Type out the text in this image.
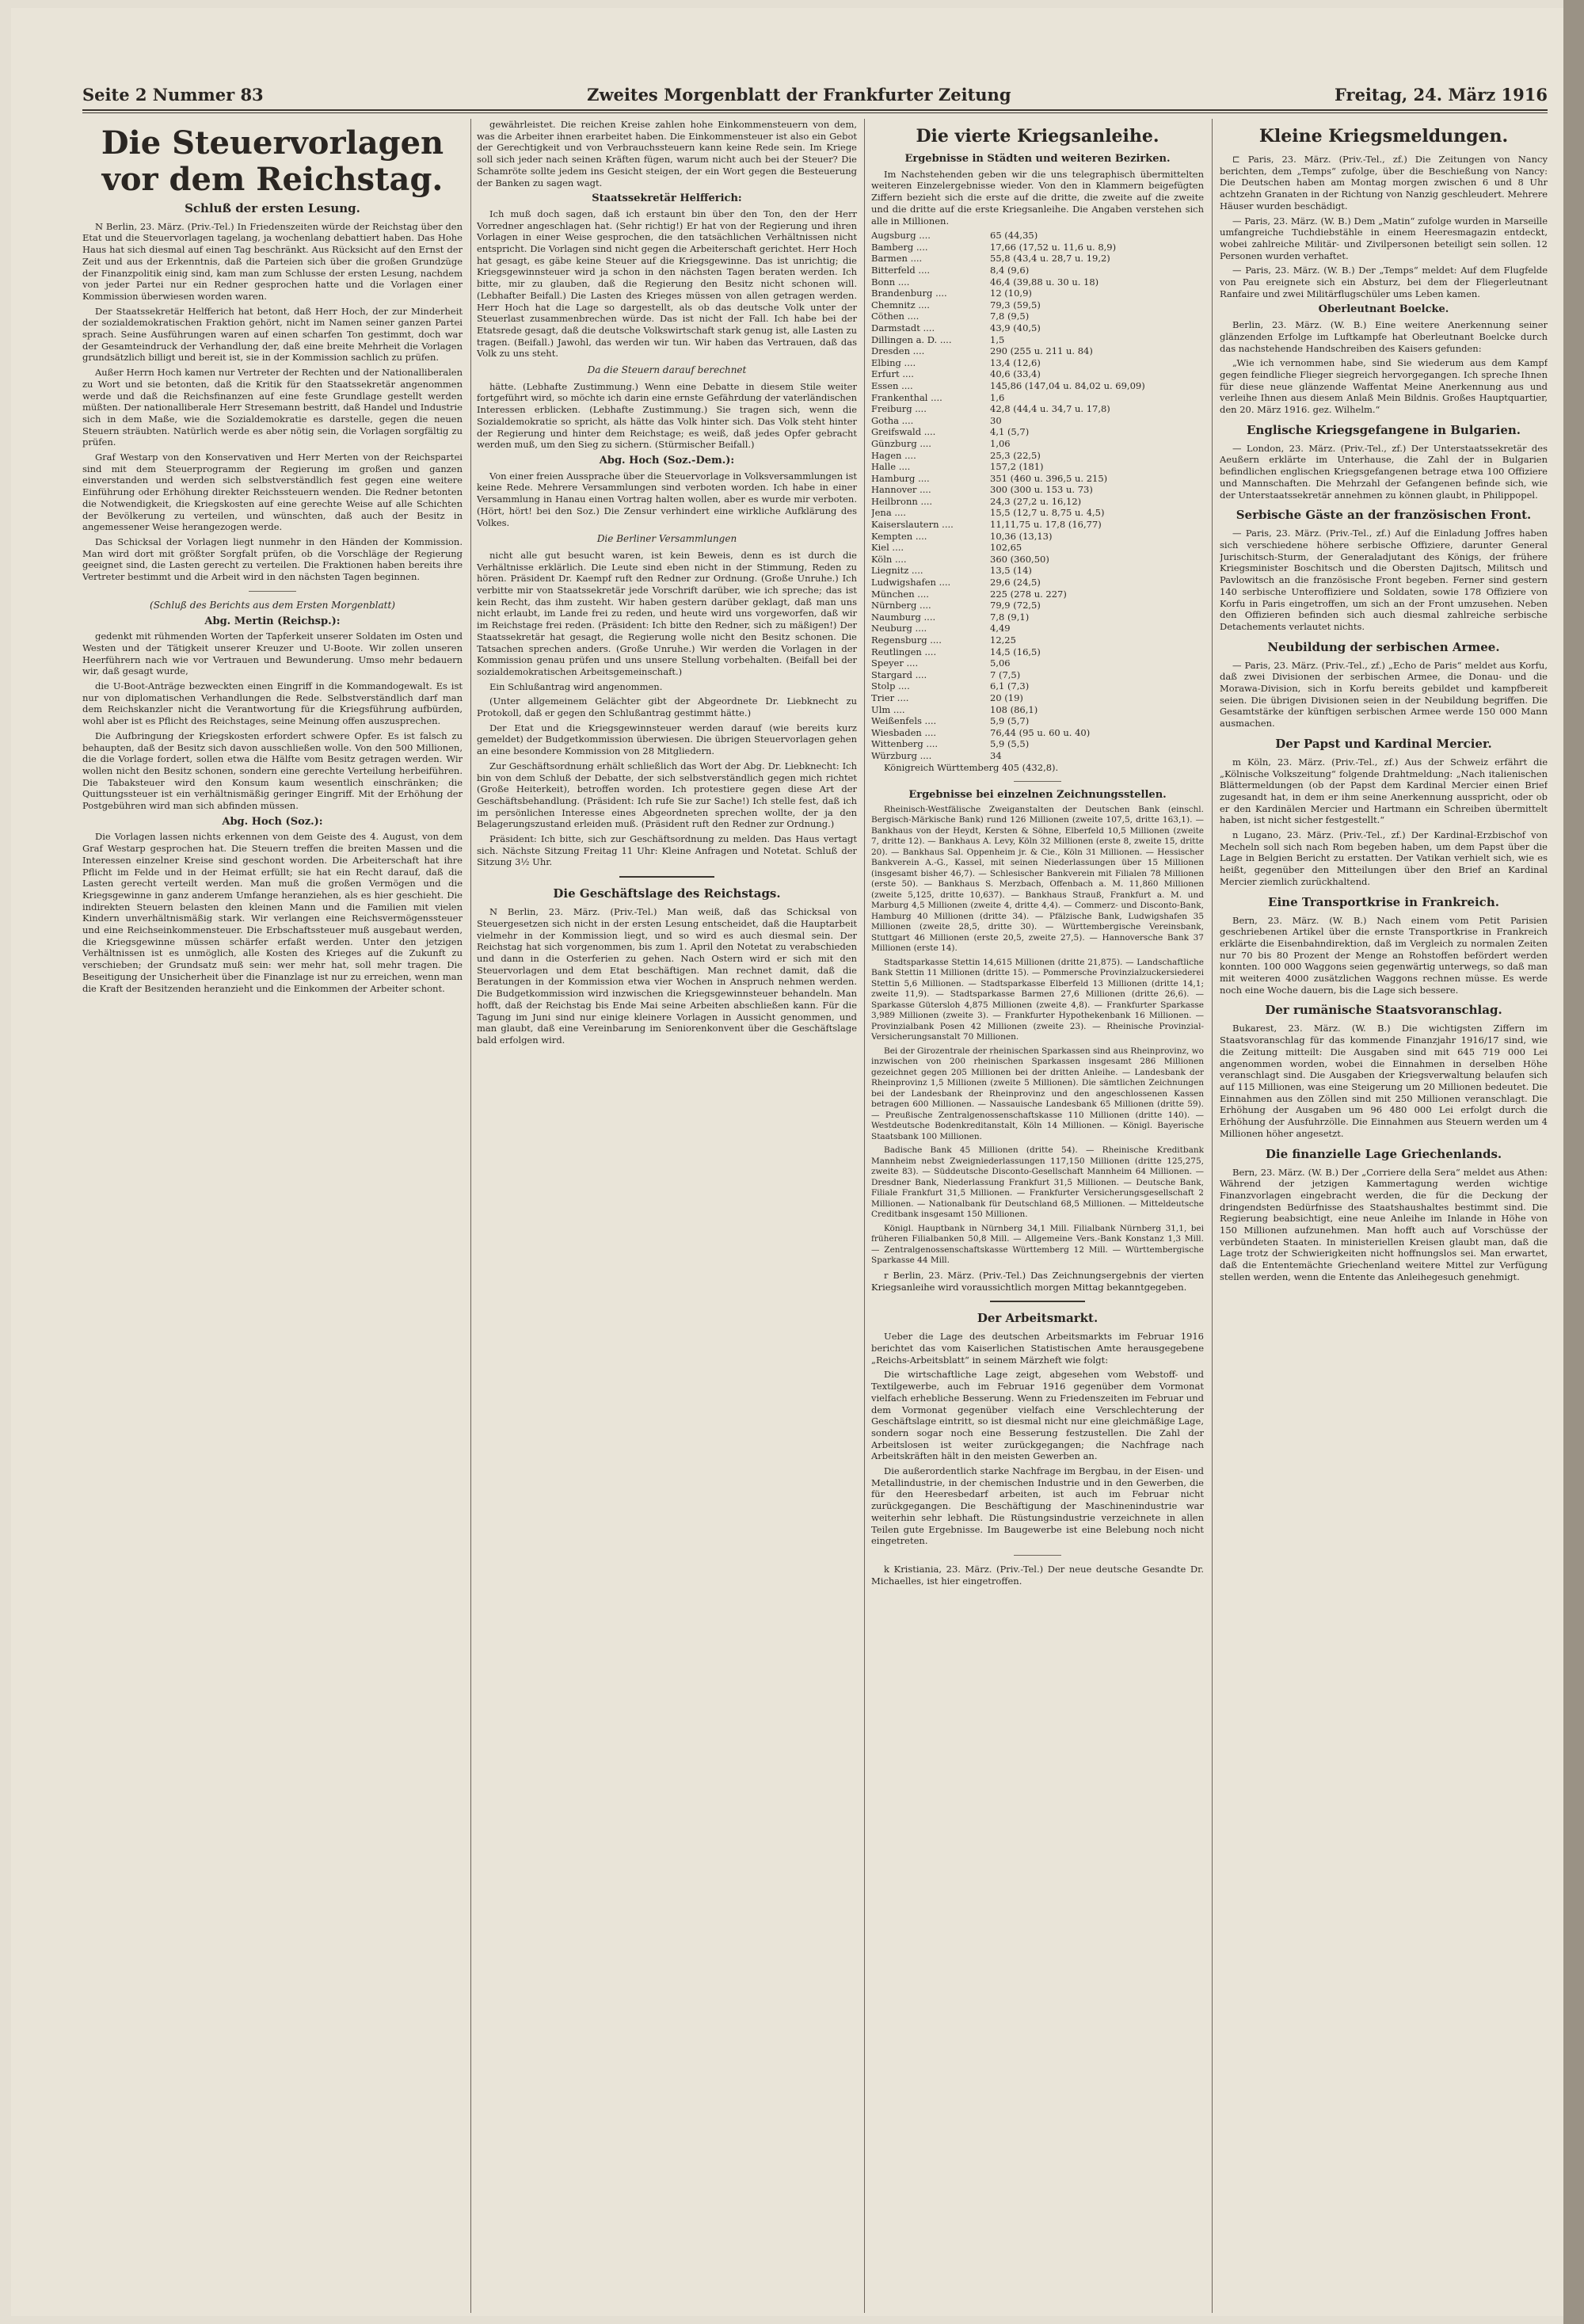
Seite 2 Nummer 83	Zweites Morgenblatt der Frankfurter Zeitung	Freitag, 24. März 1916
Die Steuervorlagen vor dem Reichstag.
Schluß der ersten Lesung.

N Berlin, 23. März. (Priv.-Tel.) In Friedenszeiten würde der Reichstag über den Etat und die Steuervorlagen tagelang, ja wochenlang debattiert haben. Das Hohe Haus hat sich diesmal auf einen Tag beschränkt. Aus Rücksicht auf den Ernst der Zeit und aus der Erkenntnis, daß die Parteien sich über die großen Grundzüge der Finanzpolitik einig sind, kam man zum Schlusse der ersten Lesung, nachdem von jeder Partei nur ein Redner gesprochen hatte und die Vorlagen einer Kommission überwiesen worden waren.

Der Staatssekretär Helfferich hat betont, daß Herr Hoch, der zur Minderheit der sozialdemokratischen Fraktion gehört, nicht im Namen seiner ganzen Partei sprach. Seine Ausführungen waren auf einen scharfen Ton gestimmt, doch war der Gesamteindruck der Verhandlung der, daß eine breite Mehrheit die Vorlagen grundsätzlich billigt und bereit ist, sie in der Kommission sachlich zu prüfen.

Außer Herrn Hoch kamen nur Vertreter der Rechten und der Nationalliberalen zu Wort und sie betonten, daß die Kritik für den Staatssekretär angenommen werde und daß die Reichsfinanzen auf eine feste Grundlage gestellt werden müßten. Der nationalliberale Herr Stresemann bestritt, daß Handel und Industrie sich in dem Maße, wie die Sozialdemokratie es darstelle, gegen die neuen Steuern sträubten. Natürlich werde es aber nötig sein, die Vorlagen sorgfältig zu prüfen.

Graf Westarp von den Konservativen und Herr Merten von der Reichspartei sind mit dem Steuerprogramm der Regierung im großen und ganzen einverstanden und werden sich selbstverständlich fest gegen eine weitere Einführung oder Erhöhung direkter Reichssteuern wenden. Die Redner betonten die Notwendigkeit, die Kriegskosten auf eine gerechte Weise auf alle Schichten der Bevölkerung zu verteilen, und wünschten, daß auch der Besitz in angemessener Weise herangezogen werde.

Das Schicksal der Vorlagen liegt nunmehr in den Händen der Kommission. Man wird dort mit größter Sorgfalt prüfen, ob die Vorschläge der Regierung geeignet sind, die Lasten gerecht zu verteilen. Die Fraktionen haben bereits ihre Vertreter bestimmt und die Arbeit wird in den nächsten Tagen beginnen.

(Schluß des Berichts aus dem Ersten Morgenblatt)
Abg. Mertin (Reichsp.):

gedenkt mit rühmenden Worten der Tapferkeit unserer Soldaten im Osten und Westen und der Tätigkeit unserer Kreuzer und U-Boote. Wir zollen unseren Heerführern nach wie vor Vertrauen und Bewunderung. Umso mehr bedauern wir, daß gesagt wurde,

die U-Boot-Anträge bezweckten einen Eingriff in die Kommandogewalt. Es ist nur von diplomatischen Verhandlungen die Rede. Selbstverständlich darf man dem Reichskanzler nicht die Verantwortung für die Kriegsführung aufbürden, wohl aber ist es Pflicht des Reichstages, seine Meinung offen auszusprechen.

Die Aufbringung der Kriegskosten erfordert schwere Opfer. Es ist falsch zu behaupten, daß der Besitz sich davon ausschließen wolle. Von den 500 Millionen, die die Vorlage fordert, sollen etwa die Hälfte vom Besitz getragen werden. Wir wollen nicht den Besitz schonen, sondern eine gerechte Verteilung herbeiführen. Die Tabaksteuer wird den Konsum kaum wesentlich einschränken; die Quittungssteuer ist ein verhältnismäßig geringer Eingriff. Mit der Erhöhung der Postgebühren wird man sich abfinden müssen.

Abg. Hoch (Soz.):

Die Vorlagen lassen nichts erkennen von dem Geiste des 4. August, von dem Graf Westarp gesprochen hat. Die Steuern treffen die breiten Massen und die Interessen einzelner Kreise sind geschont worden. Die Arbeiterschaft hat ihre Pflicht im Felde und in der Heimat erfüllt; sie hat ein Recht darauf, daß die Lasten gerecht verteilt werden. Man muß die großen Vermögen und die Kriegsgewinne in ganz anderem Umfange heranziehen, als es hier geschieht. Die indirekten Steuern belasten den kleinen Mann und die Familien mit vielen Kindern unverhältnismäßig stark. Wir verlangen eine Reichsvermögenssteuer und eine Reichseinkommensteuer. Die Erbschaftssteuer muß ausgebaut werden, die Kriegsgewinne müssen schärfer erfaßt werden. Unter den jetzigen Verhältnissen ist es unmöglich, alle Kosten des Krieges auf die Zukunft zu verschieben; der Grundsatz muß sein: wer mehr hat, soll mehr tragen. Die Beseitigung der Unsicherheit über die Finanzlage ist nur zu erreichen, wenn man die Kraft der Besitzenden heranzieht und die Einkommen der Arbeiter schont.

gewährleistet. Die reichen Kreise zahlen hohe Einkommensteuern von dem, was die Arbeiter ihnen erarbeitet haben. Die Einkommensteuer ist also ein Gebot der Gerechtigkeit und von Verbrauchssteuern kann keine Rede sein. Im Kriege soll sich jeder nach seinen Kräften fügen, warum nicht auch bei der Steuer? Die Schamröte sollte jedem ins Gesicht steigen, der ein Wort gegen die Besteuerung der Banken zu sagen wagt.

Staatssekretär Helfferich:

Ich muß doch sagen, daß ich erstaunt bin über den Ton, den der Herr Vorredner angeschlagen hat. (Sehr richtig!) Er hat von der Regierung und ihren Vorlagen in einer Weise gesprochen, die den tatsächlichen Verhältnissen nicht entspricht. Die Vorlagen sind nicht gegen die Arbeiterschaft gerichtet. Herr Hoch hat gesagt, es gäbe keine Steuer auf die Kriegsgewinne. Das ist unrichtig; die Kriegsgewinnsteuer wird ja schon in den nächsten Tagen beraten werden. Ich bitte, mir zu glauben, daß die Regierung den Besitz nicht schonen will. (Lebhafter Beifall.) Die Lasten des Krieges müssen von allen getragen werden. Herr Hoch hat die Lage so dargestellt, als ob das deutsche Volk unter der Steuerlast zusammenbrechen würde. Das ist nicht der Fall. Ich habe bei der Etatsrede gesagt, daß die deutsche Volkswirtschaft stark genug ist, alle Lasten zu tragen. (Beifall.) Jawohl, das werden wir tun. Wir haben das Vertrauen, daß das Volk zu uns steht.

Da die Steuern darauf berechnet

hätte. (Lebhafte Zustimmung.) Wenn eine Debatte in diesem Stile weiter fortgeführt wird, so möchte ich darin eine ernste Gefährdung der vaterländischen Interessen erblicken. (Lebhafte Zustimmung.) Sie tragen sich, wenn die Sozialdemokratie so spricht, als hätte das Volk hinter sich. Das Volk steht hinter der Regierung und hinter dem Reichstage; es weiß, daß jedes Opfer gebracht werden muß, um den Sieg zu sichern. (Stürmischer Beifall.)

Abg. Hoch (Soz.-Dem.):

Von einer freien Aussprache über die Steuervorlage in Volksversammlungen ist keine Rede. Mehrere Versammlungen sind verboten worden. Ich habe in einer Versammlung in Hanau einen Vortrag halten wollen, aber es wurde mir verboten. (Hört, hört! bei den Soz.) Die Zensur verhindert eine wirkliche Aufklärung des Volkes.

Die Berliner Versammlungen

nicht alle gut besucht waren, ist kein Beweis, denn es ist durch die Verhältnisse erklärlich. Die Leute sind eben nicht in der Stimmung, Reden zu hören. Präsident Dr. Kaempf ruft den Redner zur Ordnung. (Große Unruhe.) Ich verbitte mir von Staatssekretär jede Vorschrift darüber, wie ich spreche; das ist kein Recht, das ihm zusteht. Wir haben gestern darüber geklagt, daß man uns nicht erlaubt, im Lande frei zu reden, und heute wird uns vorgeworfen, daß wir im Reichstage frei reden. (Präsident: Ich bitte den Redner, sich zu mäßigen!) Der Staatssekretär hat gesagt, die Regierung wolle nicht den Besitz schonen. Die Tatsachen sprechen anders. (Große Unruhe.) Wir werden die Vorlagen in der Kommission genau prüfen und uns unsere Stellung vorbehalten. (Beifall bei der sozialdemokratischen Arbeitsgemeinschaft.)

Ein Schlußantrag wird angenommen.

(Unter allgemeinem Gelächter gibt der Abgeordnete Dr. Liebknecht zu Protokoll, daß er gegen den Schlußantrag gestimmt hätte.)

Der Etat und die Kriegsgewinnsteuer werden darauf (wie bereits kurz gemeldet) der Budgetkommission überwiesen. Die übrigen Steuervorlagen gehen an eine besondere Kommission von 28 Mitgliedern.

Zur Geschäftsordnung erhält schließlich das Wort der Abg. Dr. Liebknecht: Ich bin von dem Schluß der Debatte, der sich selbstverständlich gegen mich richtet (Große Heiterkeit), betroffen worden. Ich protestiere gegen diese Art der Geschäftsbehandlung. (Präsident: Ich rufe Sie zur Sache!) Ich stelle fest, daß ich im persönlichen Interesse eines Abgeordneten sprechen wollte, der ja den Belagerungszustand erleiden muß. (Präsident ruft den Redner zur Ordnung.)

Präsident: Ich bitte, sich zur Geschäftsordnung zu melden. Das Haus vertagt sich. Nächste Sitzung Freitag 11 Uhr: Kleine Anfragen und Notetat. Schluß der Sitzung 3½ Uhr.

Die Geschäftslage des Reichstags.

N Berlin, 23. März. (Priv.-Tel.) Man weiß, daß das Schicksal von Steuergesetzen sich nicht in der ersten Lesung entscheidet, daß die Hauptarbeit vielmehr in der Kommission liegt, und so wird es auch diesmal sein. Der Reichstag hat sich vorgenommen, bis zum 1. April den Notetat zu verabschieden und dann in die Osterferien zu gehen. Nach Ostern wird er sich mit den Steuervorlagen und dem Etat beschäftigen. Man rechnet damit, daß die Beratungen in der Kommission etwa vier Wochen in Anspruch nehmen werden. Die Budgetkommission wird inzwischen die Kriegsgewinnsteuer behandeln. Man hofft, daß der Reichstag bis Ende Mai seine Arbeiten abschließen kann. Für die Tagung im Juni sind nur einige kleinere Vorlagen in Aussicht genommen, und man glaubt, daß eine Vereinbarung im Seniorenkonvent über die Geschäftslage bald erfolgen wird.

Die vierte Kriegsanleihe.
Ergebnisse in Städten und weiteren Bezirken.

Im Nachstehenden geben wir die uns telegraphisch übermittelten weiteren Einzelergebnisse wieder. Von den in Klammern beigefügten Ziffern bezieht sich die erste auf die dritte, die zweite auf die zweite und die dritte auf die erste Kriegsanleihe. Die Angaben verstehen sich alle in Millionen.

Augsburg ....	65 (44,35)
Bamberg ....	17,66 (17,52 u. 11,6 u. 8,9)
Barmen ....	55,8 (43,4 u. 28,7 u. 19,2)
Bitterfeld ....	8,4 (9,6)
Bonn ....	46,4 (39,88 u. 30 u. 18)
Brandenburg ....	12 (10,9)
Chemnitz ....	79,3 (59,5)
Cöthen ....	7,8 (9,5)
Darmstadt ....	43,9 (40,5)
Dillingen a. D. ....	1,5
Dresden ....	290 (255 u. 211 u. 84)
Elbing ....	13,4 (12,6)
Erfurt ....	40,6 (33,4)
Essen ....	145,86 (147,04 u. 84,02 u. 69,09)
Frankenthal ....	1,6
Freiburg ....	42,8 (44,4 u. 34,7 u. 17,8)
Gotha ....	30
Greifswald ....	4,1 (5,7)
Günzburg ....	1,06
Hagen ....	25,3 (22,5)
Halle ....	157,2 (181)
Hamburg ....	351 (460 u. 396,5 u. 215)
Hannover ....	300 (300 u. 153 u. 73)
Heilbronn ....	24,3 (27,2 u. 16,12)
Jena ....	15,5 (12,7 u. 8,75 u. 4,5)
Kaiserslautern ....	11,11,75 u. 17,8 (16,77)
Kempten ....	10,36 (13,13)
Kiel ....	102,65
Köln ....	360 (360,50)
Liegnitz ....	13,5 (14)
Ludwigshafen ....	29,6 (24,5)
München ....	225 (278 u. 227)
Nürnberg ....	79,9 (72,5)
Naumburg ....	7,8 (9,1)
Neuburg ....	4,49
Regensburg ....	12,25
Reutlingen ....	14,5 (16,5)
Speyer ....	5,06
Stargard ....	7 (7,5)
Stolp ....	6,1 (7,3)
Trier ....	20 (19)
Ulm ....	108 (86,1)
Weißenfels ....	5,9 (5,7)
Wiesbaden ....	76,44 (95 u. 60 u. 40)
Wittenberg ....	5,9 (5,5)
Würzburg ....	34

Königreich Württemberg 405 (432,8).

Ergebnisse bei einzelnen Zeichnungsstellen.

Rheinisch-Westfälische Zweiganstalten der Deutschen Bank (einschl. Bergisch-Märkische Bank) rund 126 Millionen (zweite 107,5, dritte 163,1). — Bankhaus von der Heydt, Kersten & Söhne, Elberfeld 10,5 Millionen (zweite 7, dritte 12). — Bankhaus A. Levy, Köln 32 Millionen (erste 8, zweite 15, dritte 20). — Bankhaus Sal. Oppenheim jr. & Cie., Köln 31 Millionen. — Hessischer Bankverein A.-G., Kassel, mit seinen Niederlassungen über 15 Millionen (insgesamt bisher 46,7). — Schlesischer Bankverein mit Filialen 78 Millionen (erste 50). — Bankhaus S. Merzbach, Offenbach a. M. 11,860 Millionen (zweite 5,125, dritte 10,637). — Bankhaus Strauß, Frankfurt a. M. und Marburg 4,5 Millionen (zweite 4, dritte 4,4). — Commerz- und Disconto-Bank, Hamburg 40 Millionen (dritte 34). — Pfälzische Bank, Ludwigshafen 35 Millionen (zweite 28,5, dritte 30). — Württembergische Vereinsbank, Stuttgart 46 Millionen (erste 20,5, zweite 27,5). — Hannoversche Bank 37 Millionen (erste 14).

Stadtsparkasse Stettin 14,615 Millionen (dritte 21,875). — Landschaftliche Bank Stettin 11 Millionen (dritte 15). — Pommersche Provinzialzuckersiederei Stettin 5,6 Millionen. — Stadtsparkasse Elberfeld 13 Millionen (dritte 14,1; zweite 11,9). — Stadtsparkasse Barmen 27,6 Millionen (dritte 26,6). — Sparkasse Gütersloh 4,875 Millionen (zweite 4,8). — Frankfurter Sparkasse 3,989 Millionen (zweite 3). — Frankfurter Hypothekenbank 16 Millionen. — Provinzialbank Posen 42 Millionen (zweite 23). — Rheinische Provinzial-Versicherungsanstalt 70 Millionen.

Bei der Girozentrale der rheinischen Sparkassen sind aus Rheinprovinz, wo inzwischen von 200 rheinischen Sparkassen insgesamt 286 Millionen gezeichnet gegen 205 Millionen bei der dritten Anleihe. — Landesbank der Rheinprovinz 1,5 Millionen (zweite 5 Millionen). Die sämtlichen Zeichnungen bei der Landesbank der Rheinprovinz und den angeschlossenen Kassen betragen 600 Millionen. — Nassauische Landesbank 65 Millionen (dritte 59). — Preußische Zentralgenossenschaftskasse 110 Millionen (dritte 140). — Westdeutsche Bodenkreditanstalt, Köln 14 Millionen. — Königl. Bayerische Staatsbank 100 Millionen.

Badische Bank 45 Millionen (dritte 54). — Rheinische Kreditbank Mannheim nebst Zweigniederlassungen 117,150 Millionen (dritte 125,275, zweite 83). — Süddeutsche Disconto-Gesellschaft Mannheim 64 Millionen. — Dresdner Bank, Niederlassung Frankfurt 31,5 Millionen. — Deutsche Bank, Filiale Frankfurt 31,5 Millionen. — Frankfurter Versicherungsgesellschaft 2 Millionen. — Nationalbank für Deutschland 68,5 Millionen. — Mitteldeutsche Creditbank insgesamt 150 Millionen.

Königl. Hauptbank in Nürnberg 34,1 Mill. Filialbank Nürnberg 31,1, bei früheren Filialbanken 50,8 Mill. — Allgemeine Vers.-Bank Konstanz 1,3 Mill. — Zentralgenossenschaftskasse Württemberg 12 Mill. — Württembergische Sparkasse 44 Mill.

r Berlin, 23. März. (Priv.-Tel.) Das Zeichnungsergebnis der vierten Kriegsanleihe wird voraussichtlich morgen Mittag bekanntgegeben.

Der Arbeitsmarkt.

Ueber die Lage des deutschen Arbeitsmarkts im Februar 1916 berichtet das vom Kaiserlichen Statistischen Amte herausgegebene „Reichs-Arbeitsblatt“ in seinem Märzheft wie folgt:

Die wirtschaftliche Lage zeigt, abgesehen vom Webstoff- und Textilgewerbe, auch im Februar 1916 gegenüber dem Vormonat vielfach erhebliche Besserung. Wenn zu Friedenszeiten im Februar und dem Vormonat gegenüber vielfach eine Verschlechterung der Geschäftslage eintritt, so ist diesmal nicht nur eine gleichmäßige Lage, sondern sogar noch eine Besserung festzustellen. Die Zahl der Arbeitslosen ist weiter zurückgegangen; die Nachfrage nach Arbeitskräften hält in den meisten Gewerben an.

Die außerordentlich starke Nachfrage im Bergbau, in der Eisen- und Metallindustrie, in der chemischen Industrie und in den Gewerben, die für den Heeresbedarf arbeiten, ist auch im Februar nicht zurückgegangen. Die Beschäftigung der Maschinenindustrie war weiterhin sehr lebhaft. Die Rüstungsindustrie verzeichnete in allen Teilen gute Ergebnisse. Im Baugewerbe ist eine Belebung noch nicht eingetreten.

k Kristiania, 23. März. (Priv.-Tel.) Der neue deutsche Gesandte Dr. Michaelles, ist hier eingetroffen.

Kleine Kriegsmeldungen.

⊏ Paris, 23. März. (Priv.-Tel., zf.) Die Zeitungen von Nancy berichten, dem „Temps“ zufolge, über die Beschießung von Nancy: Die Deutschen haben am Montag morgen zwischen 6 und 8 Uhr achtzehn Granaten in der Richtung von Nanzig geschleudert. Mehrere Häuser wurden beschädigt.

— Paris, 23. März. (W. B.) Dem „Matin“ zufolge wurden in Marseille umfangreiche Tuchdiebstähle in einem Heeresmagazin entdeckt, wobei zahlreiche Militär- und Zivilpersonen beteiligt sein sollen. 12 Personen wurden verhaftet.

— Paris, 23. März. (W. B.) Der „Temps“ meldet: Auf dem Flugfelde von Pau ereignete sich ein Absturz, bei dem der Fliegerleutnant Ranfaire und zwei Militärflugschüler ums Leben kamen.

Oberleutnant Boelcke.

Berlin, 23. März. (W. B.) Eine weitere Anerkennung seiner glänzenden Erfolge im Luftkampfe hat Oberleutnant Boelcke durch das nachstehende Handschreiben des Kaisers gefunden:

„Wie ich vernommen habe, sind Sie wiederum aus dem Kampf gegen feindliche Flieger siegreich hervorgegangen. Ich spreche Ihnen für diese neue glänzende Waffentat Meine Anerkennung aus und verleihe Ihnen aus diesem Anlaß Mein Bildnis. Großes Hauptquartier, den 20. März 1916. gez. Wilhelm.“

Englische Kriegsgefangene in Bulgarien.

— London, 23. März. (Priv.-Tel., zf.) Der Unterstaatssekretär des Aeußern erklärte im Unterhause, die Zahl der in Bulgarien befindlichen englischen Kriegsgefangenen betrage etwa 100 Offiziere und Mannschaften. Die Mehrzahl der Gefangenen befinde sich, wie der Unterstaatssekretär annehmen zu können glaubt, in Philippopel.

Serbische Gäste an der französischen Front.

— Paris, 23. März. (Priv.-Tel., zf.) Auf die Einladung Joffres haben sich verschiedene höhere serbische Offiziere, darunter General Jurischitsch-Sturm, der Generaladjutant des Königs, der frühere Kriegsminister Boschitsch und die Obersten Dajitsch, Militsch und Pavlowitsch an die französische Front begeben. Ferner sind gestern 140 serbische Unteroffiziere und Soldaten, sowie 178 Offiziere von Korfu in Paris eingetroffen, um sich an der Front umzusehen. Neben den Offizieren befinden sich auch diesmal zahlreiche serbische Detachements verlautet nichts.

Neubildung der serbischen Armee.

— Paris, 23. März. (Priv.-Tel., zf.) „Echo de Paris“ meldet aus Korfu, daß zwei Divisionen der serbischen Armee, die Donau- und die Morawa-Division, sich in Korfu bereits gebildet und kampfbereit seien. Die übrigen Divisionen seien in der Neubildung begriffen. Die Gesamtstärke der künftigen serbischen Armee werde 150 000 Mann ausmachen.

Der Papst und Kardinal Mercier.

m Köln, 23. März. (Priv.-Tel., zf.) Aus der Schweiz erfährt die „Kölnische Volkszeitung“ folgende Drahtmeldung: „Nach italienischen Blättermeldungen (ob der Papst dem Kardinal Mercier einen Brief zugesandt hat, in dem er ihm seine Anerkennung ausspricht, oder ob er den Kardinälen Mercier und Hartmann ein Schreiben übermittelt haben, ist nicht sicher festgestellt.“

n Lugano, 23. März. (Priv.-Tel., zf.) Der Kardinal-Erzbischof von Mecheln soll sich nach Rom begeben haben, um dem Papst über die Lage in Belgien Bericht zu erstatten. Der Vatikan verhielt sich, wie es heißt, gegenüber den Mitteilungen über den Brief an Kardinal Mercier ziemlich zurückhaltend.

Eine Transportkrise in Frankreich.

Bern, 23. März. (W. B.) Nach einem vom Petit Parisien geschriebenen Artikel über die ernste Transportkrise in Frankreich erklärte die Eisenbahndirektion, daß im Vergleich zu normalen Zeiten nur 70 bis 80 Prozent der Menge an Rohstoffen befördert werden konnten. 100 000 Waggons seien gegenwärtig unterwegs, so daß man mit weiteren 4000 zusätzlichen Waggons rechnen müsse. Es werde noch eine Woche dauern, bis die Lage sich bessere.

Der rumänische Staatsvoranschlag.

Bukarest, 23. März. (W. B.) Die wichtigsten Ziffern im Staatsvoranschlag für das kommende Finanzjahr 1916/17 sind, wie die Zeitung mitteilt: Die Ausgaben sind mit 645 719 000 Lei angenommen worden, wobei die Einnahmen in derselben Höhe veranschlagt sind. Die Ausgaben der Kriegsverwaltung belaufen sich auf 115 Millionen, was eine Steigerung um 20 Millionen bedeutet. Die Einnahmen aus den Zöllen sind mit 250 Millionen veranschlagt. Die Erhöhung der Ausgaben um 96 480 000 Lei erfolgt durch die Erhöhung der Ausfuhrzölle. Die Einnahmen aus Steuern werden um 4 Millionen höher angesetzt.

Die finanzielle Lage Griechenlands.

Bern, 23. März. (W. B.) Der „Corriere della Sera“ meldet aus Athen: Während der jetzigen Kammertagung werden wichtige Finanzvorlagen eingebracht werden, die für die Deckung der dringendsten Bedürfnisse des Staatshaushaltes bestimmt sind. Die Regierung beabsichtigt, eine neue Anleihe im Inlande in Höhe von 150 Millionen aufzunehmen. Man hofft auch auf Vorschüsse der verbündeten Staaten. In ministeriellen Kreisen glaubt man, daß die Lage trotz der Schwierigkeiten nicht hoffnungslos sei. Man erwartet, daß die Ententemächte Griechenland weitere Mittel zur Verfügung stellen werden, wenn die Entente das Anleihegesuch genehmigt.
